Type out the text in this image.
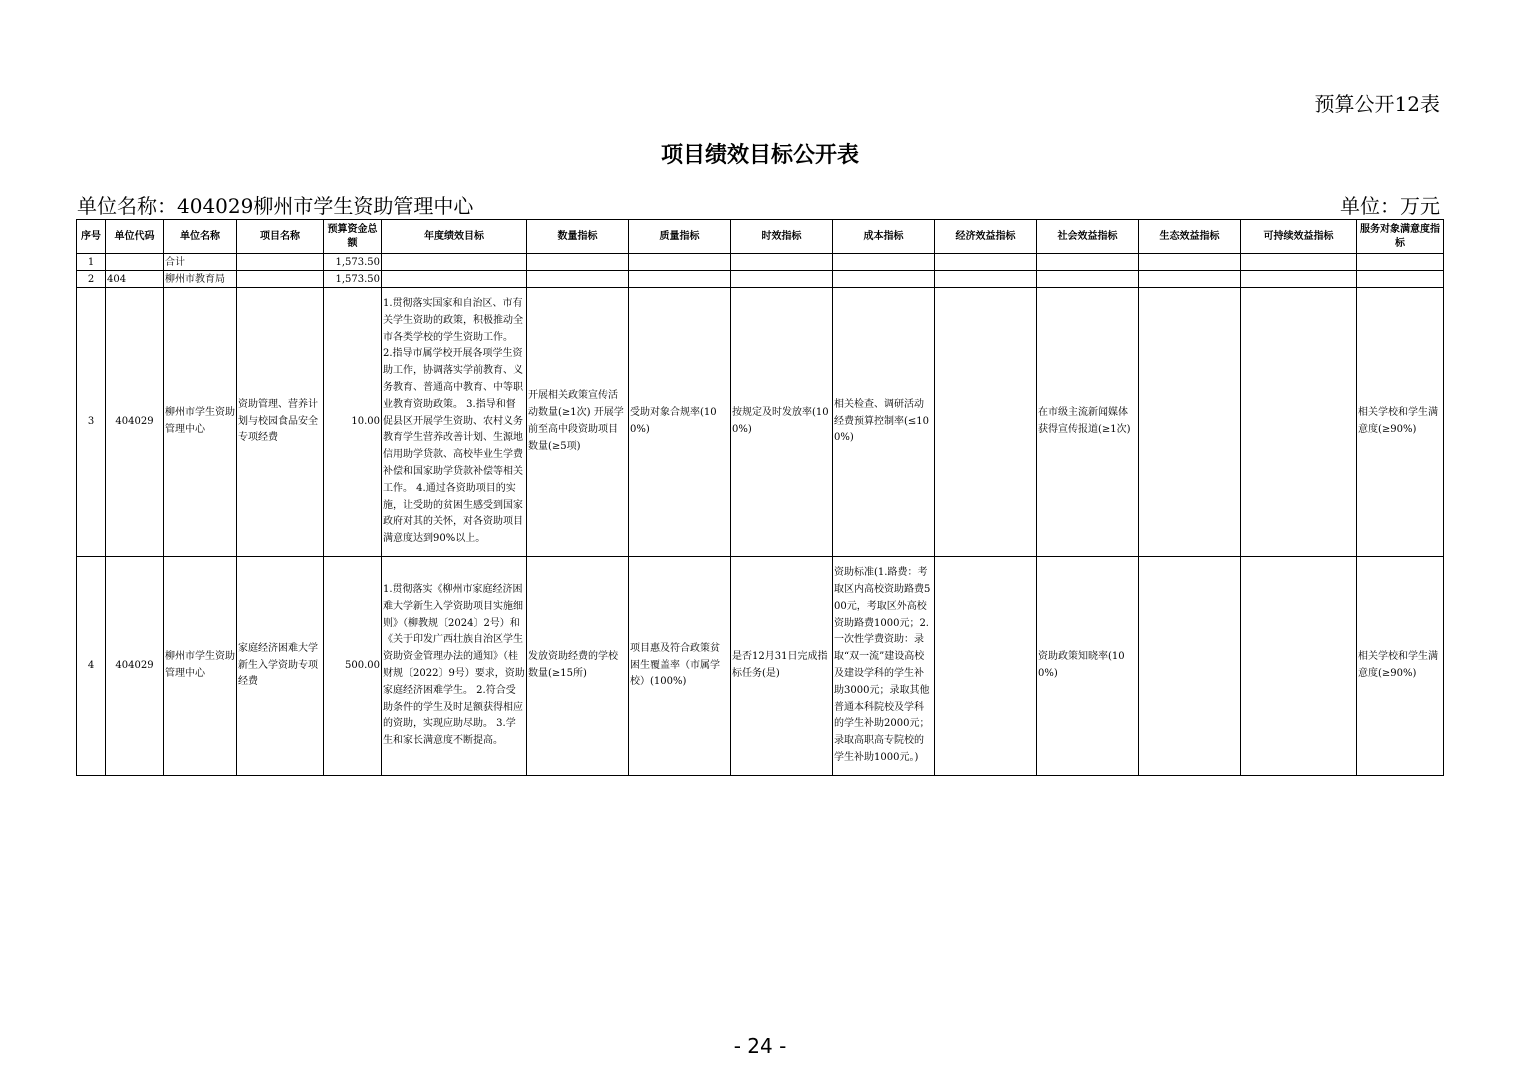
预算公开12表
项目绩效目标公开表
单位名称：404029柳州市学生资助管理中心	单位：万元
序号	单位代码	单位名称	项目名称	预算资金总额	年度绩效目标	数量指标	质量指标	时效指标	成本指标	经济效益指标	社会效益指标	生态效益指标	可持续效益指标	服务对象满意度指标
1		合计		1,573.50										
2	404	柳州市教育局		1,573.50										
3	404029	柳州市学生资助管理中心	资助管理、营养计划与校园食品安全专项经费	10.00	1.贯彻落实国家和自治区、市有关学生资助的政策，积极推动全市各类学校的学生资助工作。 2.指导市属学校开展各项学生资助工作，协调落实学前教育、义务教育、普通高中教育、中等职业教育资助政策。 3.指导和督促县区开展学生资助、农村义务教育学生营养改善计划、生源地信用助学贷款、高校毕业生学费补偿和国家助学贷款补偿等相关工作。 4.通过各资助项目的实施，让受助的贫困生感受到国家政府对其的关怀，对各资助项目满意度达到90%以上。	开展相关政策宣传活动数量(≥1次) 开展学前至高中段资助项目数量(≥5项)	受助对象合规率(100%)	按规定及时发放率(100%)	相关检查、调研活动经费预算控制率(≤100%)		在市级主流新闻媒体获得宣传报道(≥1次)			相关学校和学生满意度(≥90%)
4	404029	柳州市学生资助管理中心	家庭经济困难大学新生入学资助专项经费	500.00	1.贯彻落实《柳州市家庭经济困难大学新生入学资助项目实施细则》（柳教规〔2024〕2号）和《关于印发广西壮族自治区学生资助资金管理办法的通知》（桂财规〔2022〕9号）要求，资助家庭经济困难学生。 2.符合受助条件的学生及时足额获得相应的资助，实现应助尽助。 3.学生和家长满意度不断提高。	发放资助经费的学校数量(≥15所)	项目惠及符合政策贫困生覆盖率（市属学校）(100%)	是否12月31日完成指标任务(是)	资助标准(1.路费：考取区内高校资助路费500元，考取区外高校资助路费1000元；2.一次性学费资助：录取“双一流”建设高校及建设学科的学生补助3000元；录取其他普通本科院校及学科的学生补助2000元；录取高职高专院校的学生补助1000元。)		资助政策知晓率(100%)			相关学校和学生满意度(≥90%)
- 24 -
